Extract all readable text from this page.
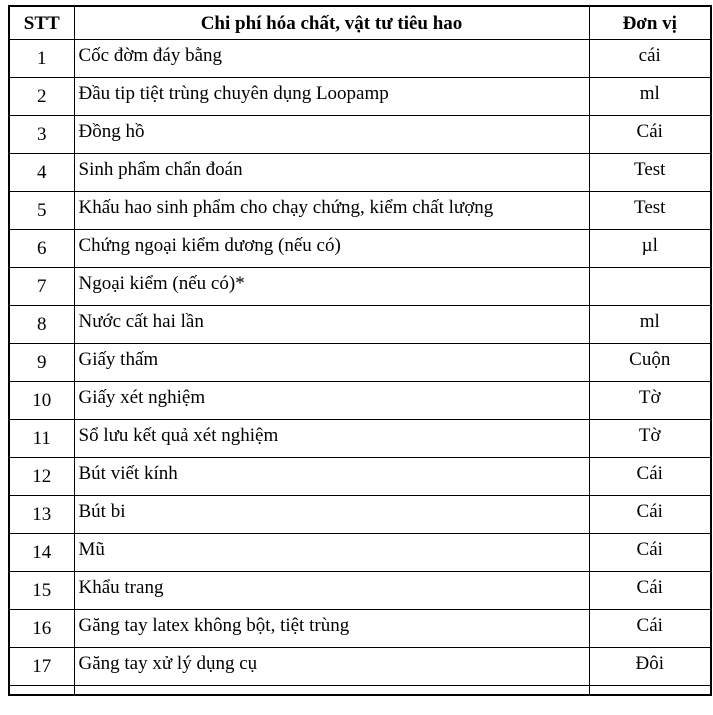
STT	Chi phí hóa chất, vật tư tiêu hao	Đơn vị
1	Cốc đờm đáy bằng	cái
2	Đầu tip tiệt trùng chuyên dụng Loopamp	ml
3	Đồng hồ	Cái
4	Sinh phẩm chẩn đoán	Test
5	Khấu hao sinh phẩm cho chạy chứng, kiểm chất lượng	Test
6	Chứng ngoại kiểm dương (nếu có)	µl
7	Ngoại kiểm (nếu có)*	
8	Nước cất hai lần	ml
9	Giấy thấm	Cuộn
10	Giấy xét nghiệm	Tờ
11	Sổ lưu kết quả xét nghiệm	Tờ
12	Bút viết kính	Cái
13	Bút bi	Cái
14	Mũ	Cái
15	Khẩu trang	Cái
16	Găng tay latex không bột, tiệt trùng	Cái
17	Găng tay xử lý dụng cụ	Đôi
